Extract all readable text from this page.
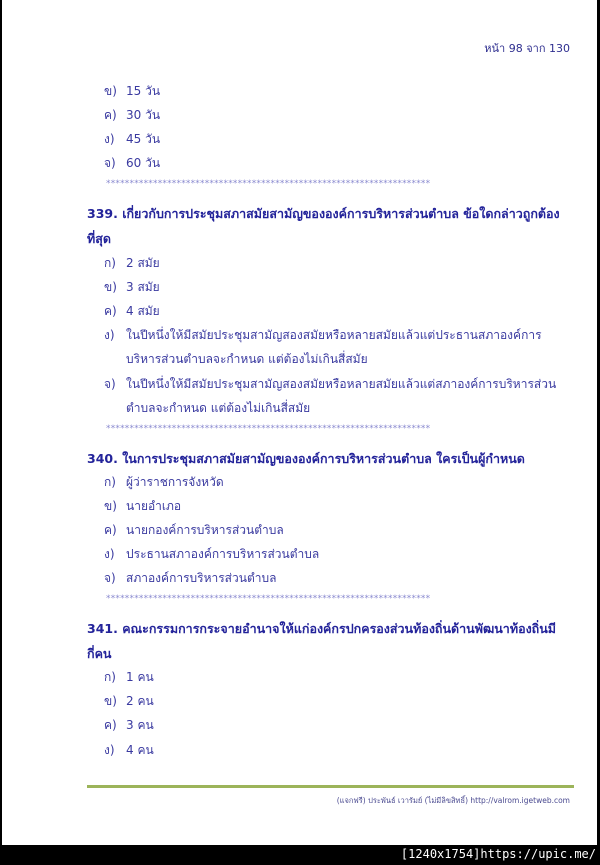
หน้า 98 จาก 130
ข) 15 วัน
ค) 30 วัน
ง) 45 วัน
จ) 60 วัน
*********************************************************************
339. เกี่ยวกับการประชุมสภาสมัยสามัญขององค์การบริหารส่วนตำบล ข้อใดกล่าวถูกต้อง
ที่สุด
ก) 2 สมัย
ข) 3 สมัย
ค) 4 สมัย
ง) ในปีหนึ่งให้มีสมัยประชุมสามัญสองสมัยหรือหลายสมัยแล้วแต่ประธานสภาองค์การ
บริหารส่วนตำบลจะกำหนด แต่ต้องไม่เกินสี่สมัย
จ) ในปีหนึ่งให้มีสมัยประชุมสามัญสองสมัยหรือหลายสมัยแล้วแต่สภาองค์การบริหารส่วน
ตำบลจะกำหนด แต่ต้องไม่เกินสี่สมัย
*********************************************************************
340. ในการประชุมสภาสมัยสามัญขององค์การบริหารส่วนตำบล ใครเป็นผู้กำหนด
ก) ผู้ว่าราชการจังหวัด
ข) นายอำเภอ
ค) นายกองค์การบริหารส่วนตำบล
ง) ประธานสภาองค์การบริหารส่วนตำบล
จ) สภาองค์การบริหารส่วนตำบล
*********************************************************************
341. คณะกรรมการกระจายอำนาจให้แก่องค์กรปกครองส่วนท้องถิ่นด้านพัฒนาท้องถิ่นมี
กี่คน
ก) 1 คน
ข) 2 คน
ค) 3 คน
ง) 4 คน
(แจกฟรี) ประพันธ์ เวารัมย์ (ไม่มีลิขสิทธิ์) http://valrom.igetweb.com
[1240x1754]https://upic.me/
